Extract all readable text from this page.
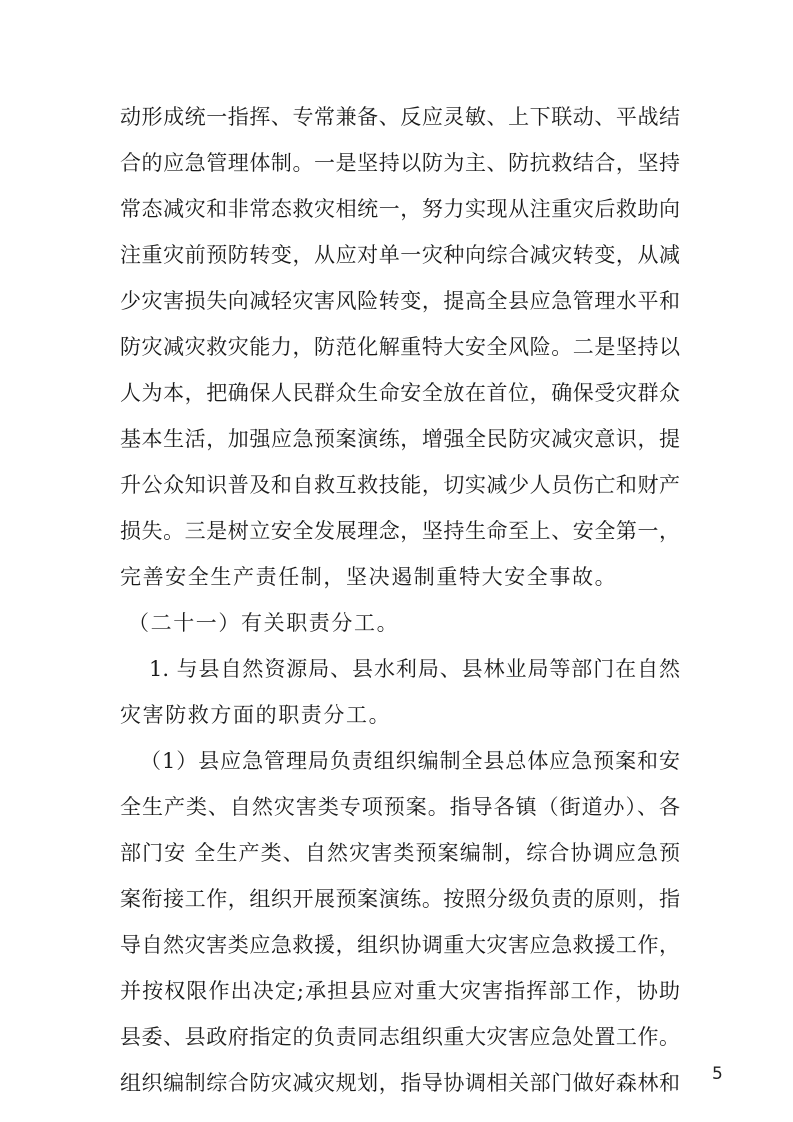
动形成统一指挥、专常兼备、反应灵敏、上下联动、平战结
合的应急管理体制。一是坚持以防为主、防抗救结合，坚持
常态减灾和非常态救灾相统一，努力实现从注重灾后救助向
注重灾前预防转变，从应对单一灾种向综合减灾转变，从减
少灾害损失向减轻灾害风险转变，提高全县应急管理水平和
防灾减灾救灾能力，防范化解重特大安全风险。二是坚持以
人为本，把确保人民群众生命安全放在首位，确保受灾群众
基本生活，加强应急预案演练，增强全民防灾减灾意识，提
升公众知识普及和自救互救技能，切实减少人员伤亡和财产
损失。三是树立安全发展理念，坚持生命至上、安全第一，
完善安全生产责任制，坚决遏制重特大安全事故。
（二十一）有关职责分工。
1. 与县自然资源局、县水利局、县林业局等部门在自然
灾害防救方面的职责分工。
（1）县应急管理局负责组织编制全县总体应急预案和安
全生产类、自然灾害类专项预案。指导各镇（街道办）、各
部门安 全生产类、自然灾害类预案编制，综合协调应急预
案衔接工作，组织开展预案演练。按照分级负责的原则，指
导自然灾害类应急救援，组织协调重大灾害应急救援工作，
并按权限作出决定;承担县应对重大灾害指挥部工作，协助
县委、县政府指定的负责同志组织重大灾害应急处置工作。
组织编制综合防灾减灾规划，指导协调相关部门做好森林和 5
